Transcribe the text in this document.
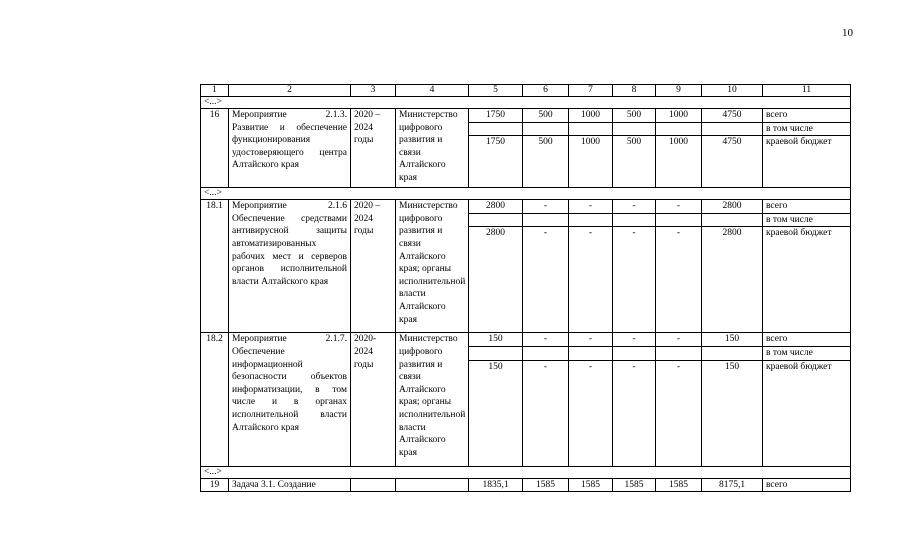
10
1	2	3	4	5	6	7	8	9	10	11
<...>										
16	Мероприятие 2.1.3. Развитие и обеспечение функционирования удостоверяющего центра Алтайского края	2020 – 2024 годы	Министерство цифрового развития и связи Алтайского края	1750	500	1000	500	1000	4750	всего
										в том числе
				1750	500	1000	500	1000	4750	краевой бюджет
<...>										
18.1	Мероприятие 2.1.6 Обеспечение средствами антивирусной защиты автоматизированных рабочих мест и серверов органов исполнительной власти Алтайского края	2020 – 2024 годы	Министерство цифрового развития и связи Алтайского края; органы исполнительной власти Алтайского края	2800	-	-	-	-	2800	всего
										в том числе
				2800	-	-	-	-	2800	краевой бюджет
18.2	Мероприятие 2.1.7. Обеспечение информационной безопасности объектов информатизации, в том числе и в органах исполнительной власти Алтайского края	2020- 2024 годы	Министерство цифрового развития и связи Алтайского края; органы исполнительной власти Алтайского края	150	-	-	-	-	150	всего
										в том числе
				150	-	-	-	-	150	краевой бюджет
<...>										
19	Задача 3.1. Создание			1835,1	1585	1585	1585	1585	8175,1	всего
